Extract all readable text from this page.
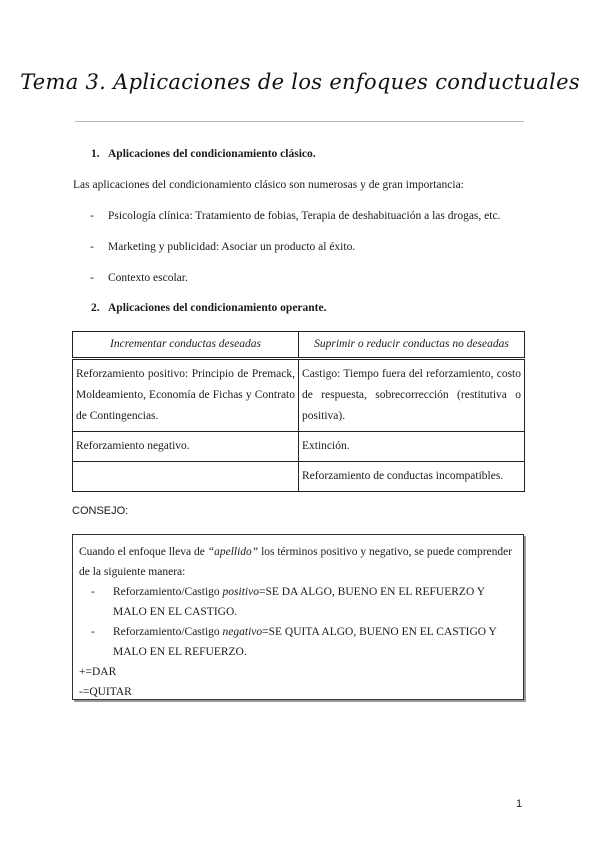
Tema 3. Aplicaciones de los enfoques conductuales
1. Aplicaciones del condicionamiento clásico.
Las aplicaciones del condicionamiento clásico son numerosas y de gran importancia:
- Psicología clínica: Tratamiento de fobias, Terapia de deshabituación a las drogas, etc.
- Marketing y publicidad: Asociar un producto al éxito.
- Contexto escolar.
2. Aplicaciones del condicionamiento operante.
Incrementar conductas deseadas	Suprimir o reducir conductas no deseadas
Reforzamiento positivo: Principio de Premack, Moldeamiento, Economía de Fichas y Contrato de Contingencias.	Castigo: Tiempo fuera del reforzamiento, costo de respuesta, sobrecorrección (restitutiva o positiva).
Reforzamiento negativo.	Extinción.
	Reforzamiento de conductas incompatibles.
CONSEJO:
Cuando el enfoque lleva de “apellido” los términos positivo y negativo, se puede comprender de la siguiente manera:
- Reforzamiento/Castigo positivo=SE DA ALGO, BUENO EN EL REFUERZO Y MALO EN EL CASTIGO.
- Reforzamiento/Castigo negativo=SE QUITA ALGO, BUENO EN EL CASTIGO Y MALO EN EL REFUERZO.
+=DAR
-=QUITAR
1
